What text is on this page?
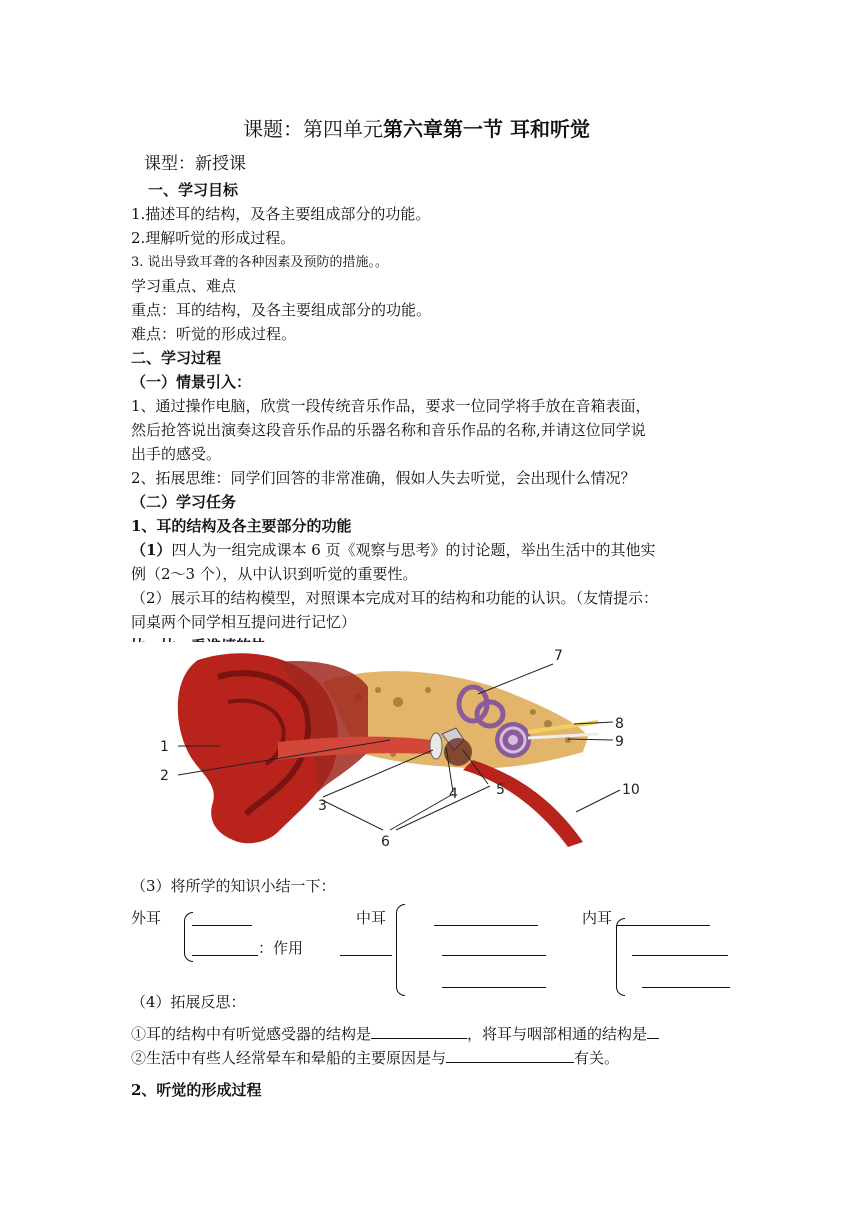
课题：第四单元第六章第一节 耳和听觉
课型：新授课
一、学习目标
1.描述耳的结构，及各主要组成部分的功能。
2.理解听觉的形成过程。
3. 说出导致耳聋的各种因素及预防的措施。。
学习重点、难点
重点：耳的结构，及各主要组成部分的功能。
难点：听觉的形成过程。
二、学习过程
（一）情景引入：
1、通过操作电脑，欣赏一段传统音乐作品，要求一位同学将手放在音箱表面，
然后抢答说出演奏这段音乐作品的乐器名称和音乐作品的名称,并请这位同学说
出手的感受。
2、拓展思维：同学们回答的非常准确，假如人失去听觉，会出现什么情况？
（二）学习任务
1、耳的结构及各主要部分的功能
（1）四人为一组完成课本 6 页《观察与思考》的讨论题，举出生活中的其他实
例（2～3 个），从中认识到听觉的重要性。
（2）展示耳的结构模型，对照课本完成对耳的结构和功能的认识。（友情提示：
同桌两个同学相互提问进行记忆）
1
2
3
4	5
6
7
8
9
10
（3）将所学的知识小结一下：
外耳
：作用
中耳	内耳
（4）拓展反思：
①耳的结构中有听觉感受器的结构是	，将耳与咽部相通的结构是
②生活中有些人经常晕车和晕船的主要原因是与	有关。
2、听觉的形成过程
